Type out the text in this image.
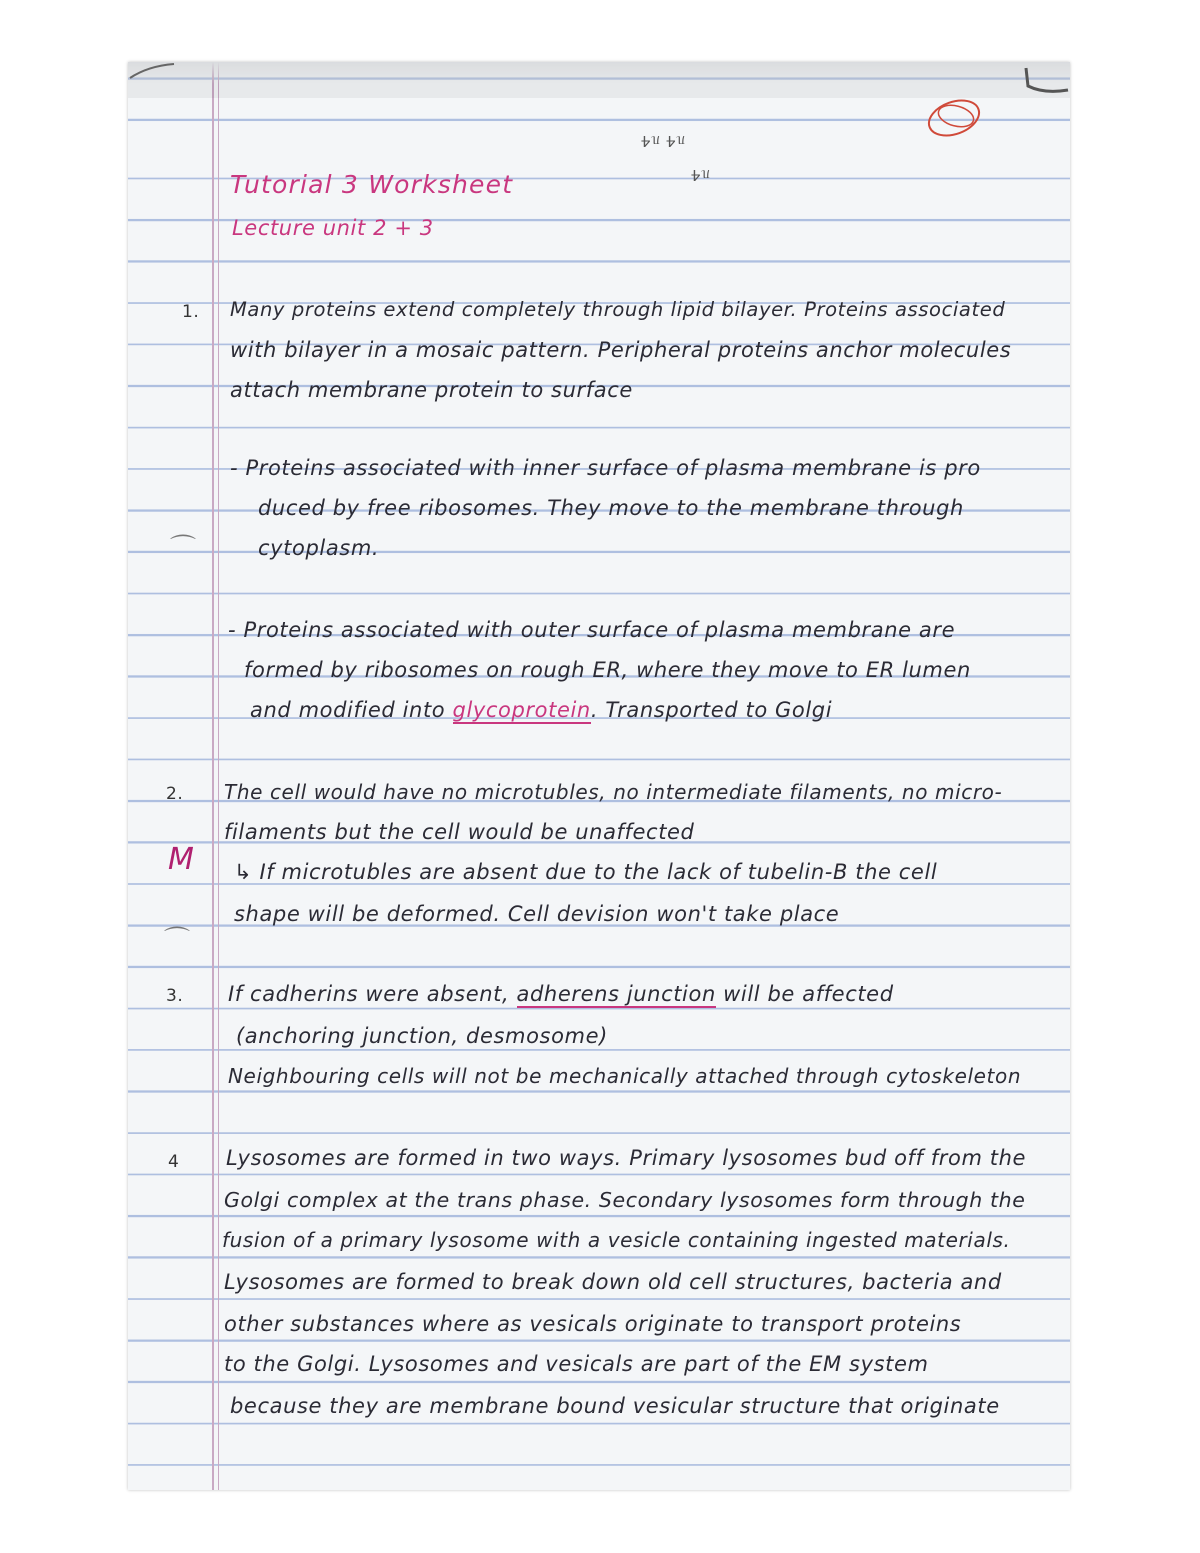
ᥰᏎ ᥰᏎ
ᥰᏎ
Tutorial 3 Worksheet
Lecture unit 2 + 3
1. Many proteins extend completely through lipid bilayer. Proteins associated
with bilayer in a mosaic pattern. Peripheral proteins anchor molecules
attach membrane protein to surface
- Proteins associated with inner surface of plasma membrane is pro
duced by free ribosomes. They move to the membrane through
cytoplasm.
⌒
- Proteins associated with outer surface of plasma membrane are
formed by ribosomes on rough ER, where they move to ER lumen
and modified into glycoprotein. Transported to Golgi
2. The cell would have no microtubles, no intermediate filaments, no micro-
filaments but the cell would be unaffected
M ↳ If microtubles are absent due to the lack of tubelin-B the cell
shape will be deformed. Cell devision won't take place
⌒
3. If cadherins were absent, adherens junction will be affected
(anchoring junction, desmosome)
Neighbouring cells will not be mechanically attached through cytoskeleton
4 Lysosomes are formed in two ways. Primary lysosomes bud off from the
Golgi complex at the trans phase. Secondary lysosomes form through the
fusion of a primary lysosome with a vesicle containing ingested materials.
Lysosomes are formed to break down old cell structures, bacteria and
other substances where as vesicals originate to transport proteins
to the Golgi. Lysosomes and vesicals are part of the EM system
because they are membrane bound vesicular structure that originate
